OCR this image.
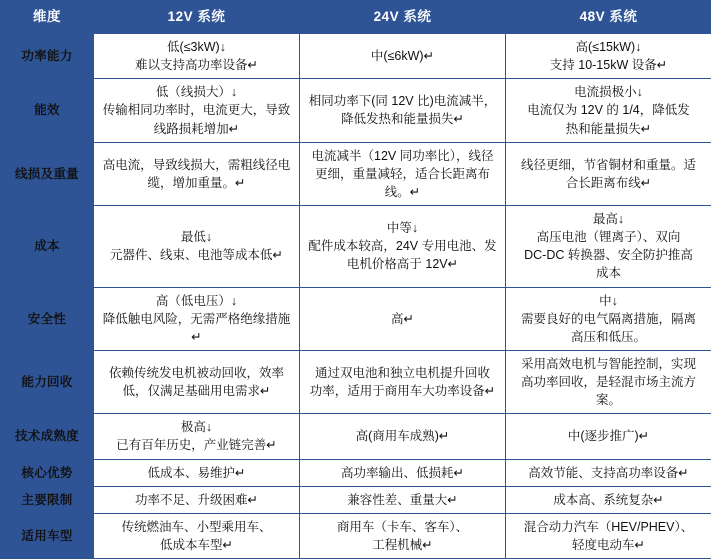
维度	12V 系统	24V 系统	48V 系统
功率能力	低(≤3kW)↓
难以支持高功率设备↵	中(≤6kW)↵	高(≤15kW)↓
支持 10-15kW 设备↵

能效	低（线损大）↓
传输相同功率时，电流更大，导致
线路损耗增加↵	相同功率下(同 12V 比)电流减半，
降低发热和能量损失↵	电流损极小↓
电流仅为 12V 的 1/4，降低发
热和能量损失↵

线损及重量	高电流，导致线损大，需粗线径电
缆，增加重量。↵	电流减半（12V 同功率比），线径
更细，重量减轻，适合长距离布线。↵	线径更细，节省铜材和重量。适
合长距离布线↵

成本	最低↓
元器件、线束、电池等成本低↵	中等↓
配件成本较高，24V 专用电池、发
电机价格高于 12V↵	最高↓
高压电池（锂离子）、双向
DC-DC 转换器、安全防护推高
成本

安全性	高（低电压）↓
降低触电风险，无需严格绝缘措施↵	高↵	中↓
需要良好的电气隔离措施，隔离
高压和低压。

能力回收	依赖传统发电机被动回收，效率
低，仅满足基础用电需求↵	通过双电池和独立电机提升回收
功率，适用于商用车大功率设备↵	采用高效电机与智能控制，实现
高功率回收，是轻混市场主流方
案。

技术成熟度	极高↓
已有百年历史，产业链完善↵	高(商用车成熟)↵	中(逐步推广)↵

核心优势	低成本、易维护↵	高功率输出、低损耗↵	高效节能、支持高功率设备↵

主要限制	功率不足、升级困难↵	兼容性差、重量大↵	成本高、系统复杂↵

适用车型	传统燃油车、小型乘用车、
低成本车型↵	商用车（卡车、客车）、
工程机械↵	混合动力汽车（HEV/PHEV）、
轻度电动车↵
